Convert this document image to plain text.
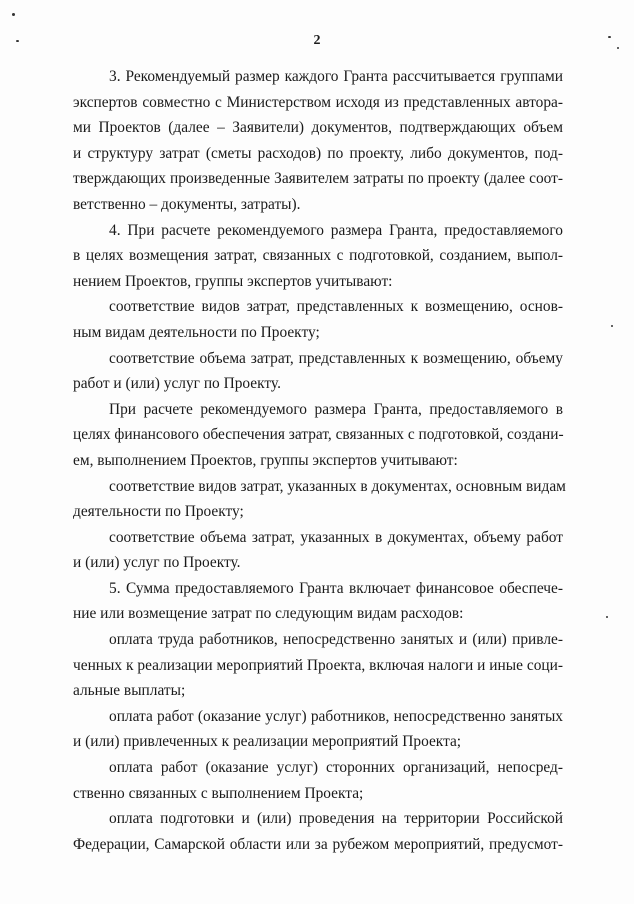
2

3. Рекомендуемый размер каждого Гранта рассчитывается группами
экспертов совместно с Министерством исходя из представленных автора-
ми Проектов (далее – Заявители) документов, подтверждающих объем
и структуру затрат (сметы расходов) по проекту, либо документов, под-
тверждающих произведенные Заявителем затраты по проекту (далее соот-
ветственно – документы, затраты).

4. При расчете рекомендуемого размера Гранта, предоставляемого
в целях возмещения затрат, связанных с подготовкой, созданием, выпол-
нением Проектов, группы экспертов учитывают:

соответствие видов затрат, представленных к возмещению, основ-
ным видам деятельности по Проекту;

соответствие объема затрат, представленных к возмещению, объему
работ и (или) услуг по Проекту.

При расчете рекомендуемого размера Гранта, предоставляемого в
целях финансового обеспечения затрат, связанных с подготовкой, создани-
ем, выполнением Проектов, группы экспертов учитывают:

соответствие видов затрат, указанных в документах, основным видам
деятельности по Проекту;

соответствие объема затрат, указанных в документах, объему работ
и (или) услуг по Проекту.

5. Сумма предоставляемого Гранта включает финансовое обеспече-
ние или возмещение затрат по следующим видам расходов:

оплата труда работников, непосредственно занятых и (или) привле-
ченных к реализации мероприятий Проекта, включая налоги и иные соци-
альные выплаты;

оплата работ (оказание услуг) работников, непосредственно занятых
и (или) привлеченных к реализации мероприятий Проекта;

оплата работ (оказание услуг) сторонних организаций, непосред-
ственно связанных с выполнением Проекта;

оплата подготовки и (или) проведения на территории Российской
Федерации, Самарской области или за рубежом мероприятий, предусмот-
